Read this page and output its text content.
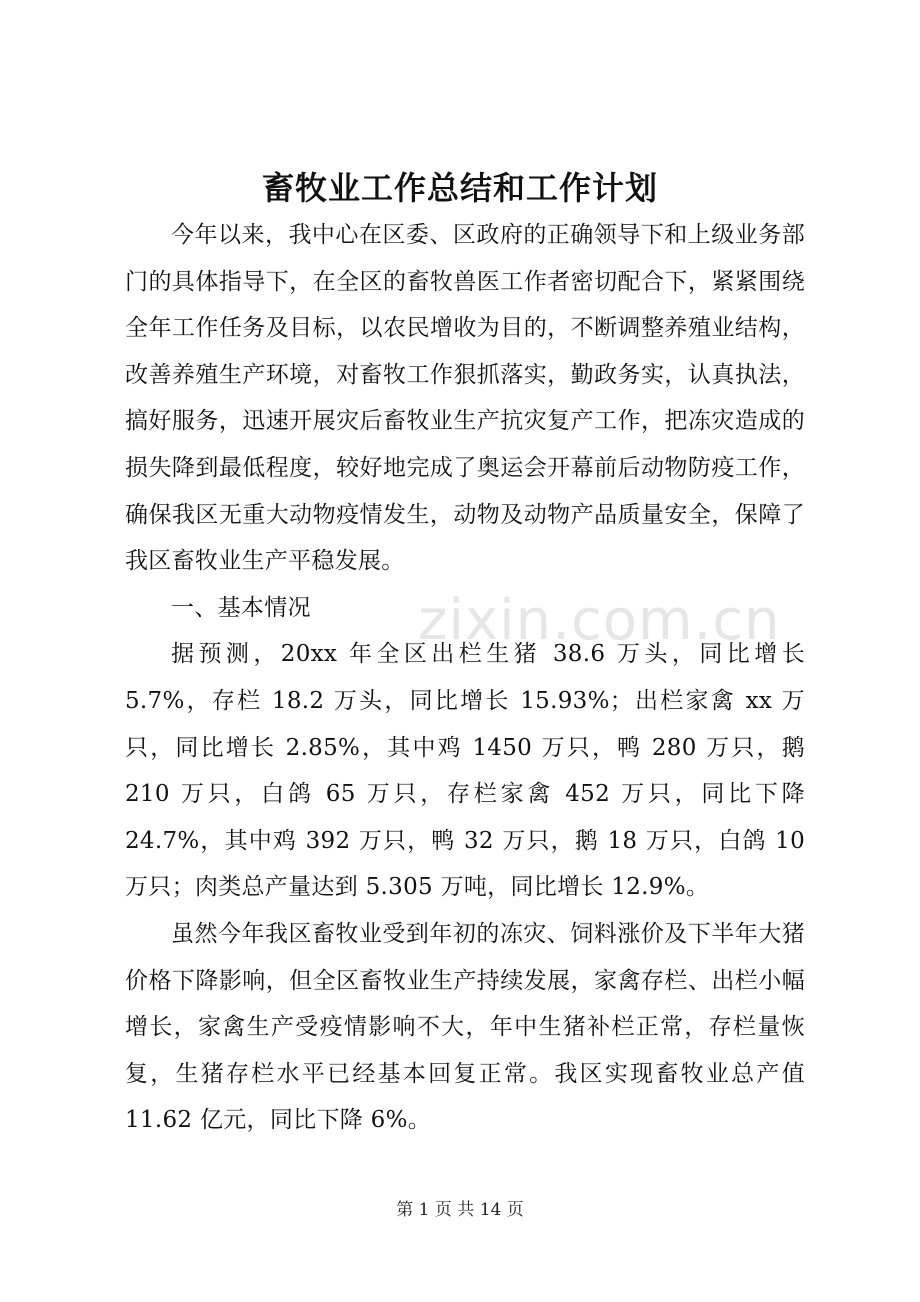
zixin.com.cn
畜牧业工作总结和工作计划

今年以来，我中心在区委、区政府的正确领导下和上级业务部门的具体指导下，在全区的畜牧兽医工作者密切配合下，紧紧围绕全年工作任务及目标，以农民增收为目的，不断调整养殖业结构，改善养殖生产环境，对畜牧工作狠抓落实，勤政务实，认真执法，搞好服务，迅速开展灾后畜牧业生产抗灾复产工作，把冻灾造成的损失降到最低程度，较好地完成了奥运会开幕前后动物防疫工作，确保我区无重大动物疫情发生，动物及动物产品质量安全，保障了我区畜牧业生产平稳发展。

一、基本情况

据预测，20xx 年全区出栏生猪 38.6 万头，同比增长 5.7%，存栏 18.2 万头，同比增长 15.93%；出栏家禽 xx 万只，同比增长 2.85%，其中鸡 1450 万只，鸭 280 万只，鹅 210 万只，白鸽 65 万只，存栏家禽 452 万只，同比下降 24.7%，其中鸡 392 万只，鸭 32 万只，鹅 18 万只，白鸽 10 万只；肉类总产量达到 5.305 万吨，同比增长 12.9%。

虽然今年我区畜牧业受到年初的冻灾、饲料涨价及下半年大猪价格下降影响，但全区畜牧业生产持续发展，家禽存栏、出栏小幅增长，家禽生产受疫情影响不大，年中生猪补栏正常，存栏量恢复，生猪存栏水平已经基本回复正常。我区实现畜牧业总产值 11.62 亿元，同比下降 6%。

第 1 页 共 14 页
